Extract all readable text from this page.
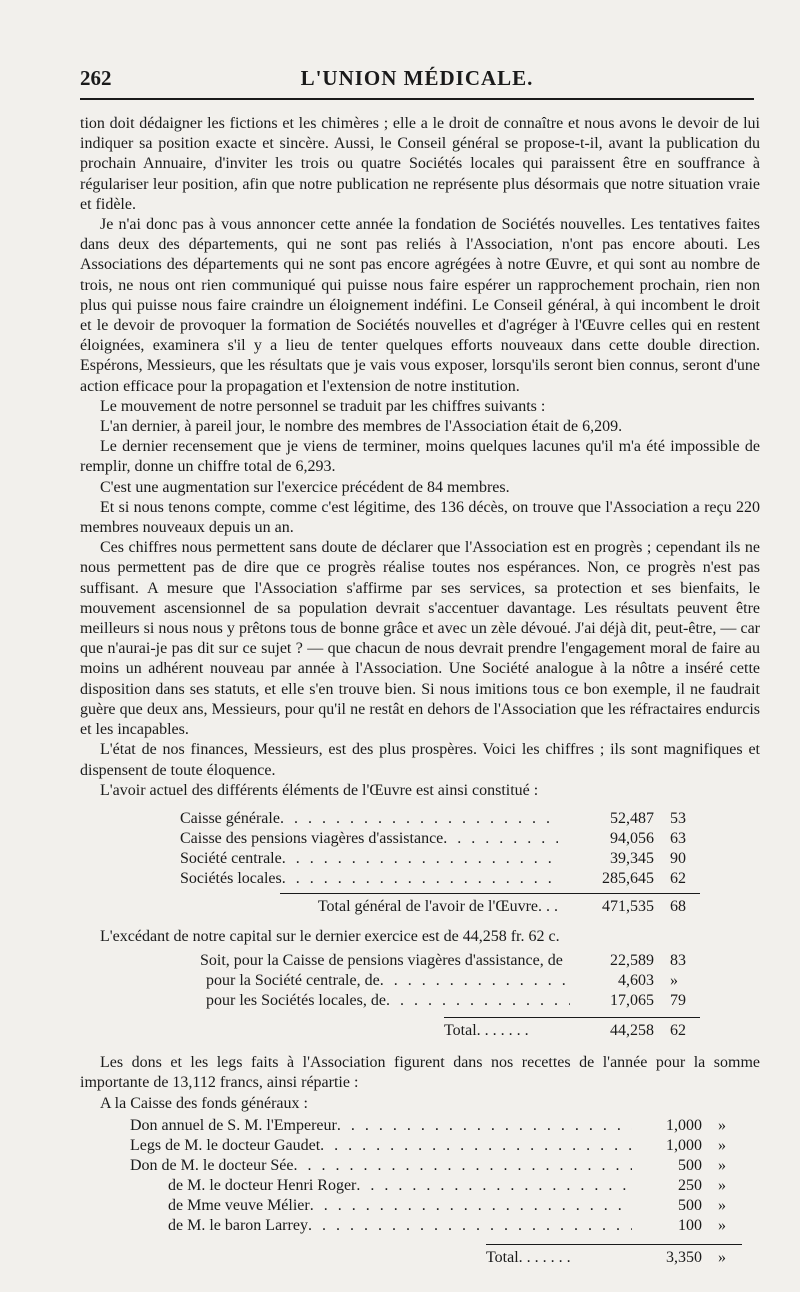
262	L'UNION MÉDICALE.

tion doit dédaigner les fictions et les chimères ; elle a le droit de connaître et nous avons le devoir de lui indiquer sa position exacte et sincère. Aussi, le Conseil général se propose-t-il, avant la publication du prochain Annuaire, d'inviter les trois ou quatre Sociétés locales qui paraissent être en souffrance à régulariser leur position, afin que notre publication ne représente plus désormais que notre situation vraie et fidèle.

Je n'ai donc pas à vous annoncer cette année la fondation de Sociétés nouvelles. Les tentatives faites dans deux des départements, qui ne sont pas reliés à l'Association, n'ont pas encore abouti. Les Associations des départements qui ne sont pas encore agrégées à notre Œuvre, et qui sont au nombre de trois, ne nous ont rien communiqué qui puisse nous faire espérer un rapprochement prochain, rien non plus qui puisse nous faire craindre un éloignement indéfini. Le Conseil général, à qui incombent le droit et le devoir de provoquer la formation de Sociétés nouvelles et d'agréger à l'Œuvre celles qui en restent éloignées, examinera s'il y a lieu de tenter quelques efforts nouveaux dans cette double direction. Espérons, Messieurs, que les résultats que je vais vous exposer, lorsqu'ils seront bien connus, seront d'une action efficace pour la propagation et l'extension de notre institution.

Le mouvement de notre personnel se traduit par les chiffres suivants :

L'an dernier, à pareil jour, le nombre des membres de l'Association était de 6,209.

Le dernier recensement que je viens de terminer, moins quelques lacunes qu'il m'a été impossible de remplir, donne un chiffre total de 6,293.

C'est une augmentation sur l'exercice précédent de 84 membres.

Et si nous tenons compte, comme c'est légitime, des 136 décès, on trouve que l'Association a reçu 220 membres nouveaux depuis un an.

Ces chiffres nous permettent sans doute de déclarer que l'Association est en progrès ; cependant ils ne nous permettent pas de dire que ce progrès réalise toutes nos espérances. Non, ce progrès n'est pas suffisant. A mesure que l'Association s'affirme par ses services, sa protection et ses bienfaits, le mouvement ascensionnel de sa population devrait s'accentuer davantage. Les résultats peuvent être meilleurs si nous nous y prêtons tous de bonne grâce et avec un zèle dévoué. J'ai déjà dit, peut-être, — car que n'aurai-je pas dit sur ce sujet ? — que chacun de nous devrait prendre l'engagement moral de faire au moins un adhérent nouveau par année à l'Association. Une Société analogue à la nôtre a inséré cette disposition dans ses statuts, et elle s'en trouve bien. Si nous imitions tous ce bon exemple, il ne faudrait guère que deux ans, Messieurs, pour qu'il ne restât en dehors de l'Association que les réfractaires endurcis et les incapables.

L'état de nos finances, Messieurs, est des plus prospères. Voici les chiffres ; ils sont magnifiques et dispensent de toute éloquence.

L'avoir actuel des différents éléments de l'Œuvre est ainsi constitué :

Caisse générale . . .	52,487	53
Caisse des pensions viagères d'assistance . . .	94,056	63
Société centrale . . .	39,345	90
Sociétés locales . . .	285,645	62
Total général de l'avoir de l'Œuvre. . .	471,535	68

L'excédant de notre capital sur le dernier exercice est de 44,258 fr. 62 c.

Soit, pour la Caisse de pensions viagères d'assistance, de	22,589	83
pour la Société centrale, de . . .	4,603	»
pour les Sociétés locales, de . . .	17,065	79
Total. . . . . . .	44,258	62

Les dons et les legs faits à l'Association figurent dans nos recettes de l'année pour la somme importante de 13,112 francs, ainsi répartie :

A la Caisse des fonds généraux :

Don annuel de S. M. l'Empereur . . .	1,000	»
Legs de M. le docteur Gaudet . . .	1,000	»
Don de M. le docteur Sée . . .	500	»
de M. le docteur Henri Roger . . .	250	»
de Mme veuve Mélier . . .	500	»
de M. le baron Larrey . . .	100	»
Total. . . . . . .	3,350	»
